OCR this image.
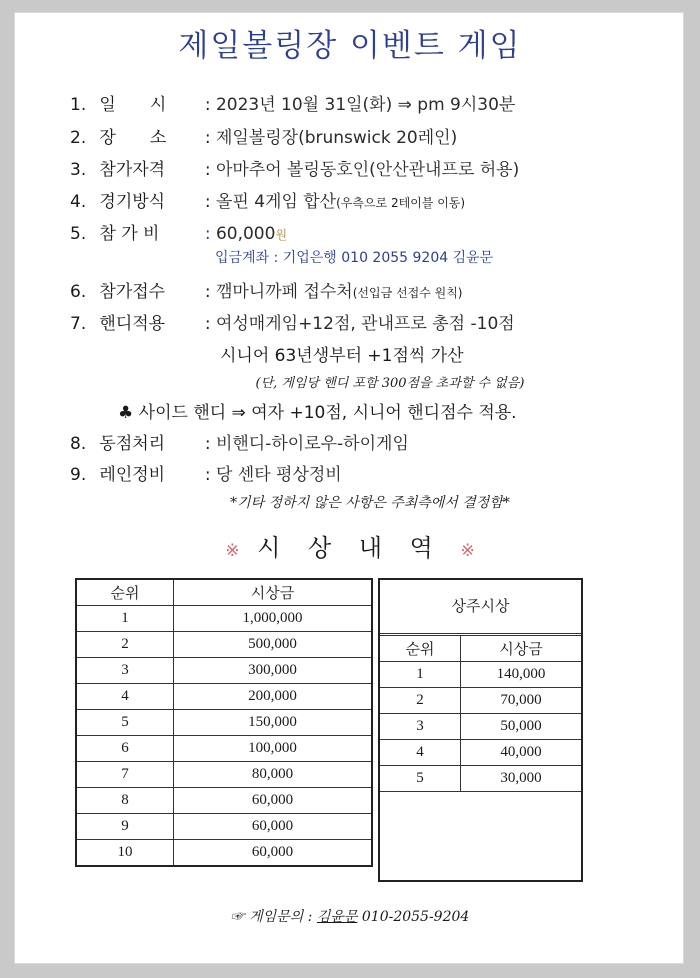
제일볼링장 이벤트 게임
1. 일　　시 : 2023년 10월 31일(화) ⇒ pm 9시30분
2. 장　　소 : 제일볼링장(brunswick 20레인)
3. 참가자격 : 아마추어 볼링동호인(안산관내프로 허용)
4. 경기방식 : 올핀 4게임 합산(우측으로 2테이블 이동)
5. 참 가 비	: 60,000원
입금계좌 : 기업은행 010 2055 9204 김윤문
6. 참가접수 : 깸마니까페 접수처(선입금 선접수 원칙)
7. 핸디적용 : 여성매게임+12점, 관내프로 총점 -10점
시니어 63년생부터 +1점씩 가산
(단, 게임당 핸디 포함 300점을 초과할 수 없음)
♣ 사이드 핸디 ⇒ 여자 +10점, 시니어 핸디점수 적용.
8. 동점처리 : 비핸디-하이로우-하이게임
9. 레인정비 : 당 센타 평상정비
*기타 정하지 않은 사항은 주최측에서 결정함*
※ 시 상 내 역 ※
순위	시상금
1	1,000,000
2	500,000
3	300,000
4	200,000
5	150,000
6	100,000
7	80,000
8	60,000
9	60,000
10	60,000
상주시상
순위	시상금
1	140,000
2	70,000
3	50,000
4	40,000
5	30,000
☞ 게임문의 : 김윤문 010-2055-9204
